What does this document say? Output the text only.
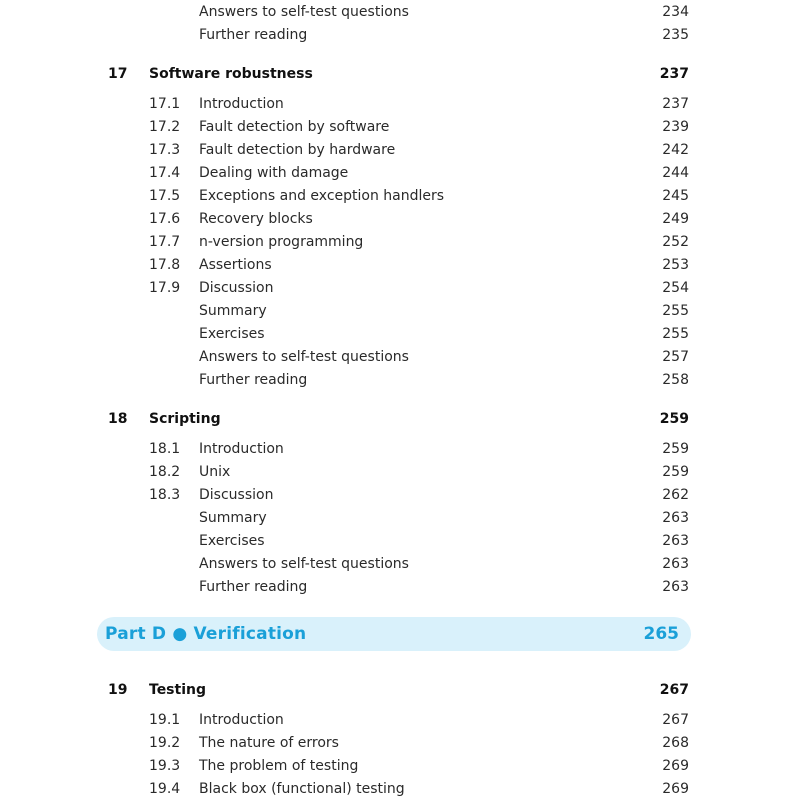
Answers to self-test questions	234
Further reading	235
17 Software robustness	237
17.1 Introduction	237
17.2 Fault detection by software	239
17.3 Fault detection by hardware	242
17.4 Dealing with damage	244
17.5 Exceptions and exception handlers	245
17.6 Recovery blocks	249
17.7 n-version programming	252
17.8 Assertions	253
17.9 Discussion	254
Summary	255
Exercises	255
Answers to self-test questions	257
Further reading	258
18 Scripting	259
18.1 Introduction	259
18.2 Unix	259
18.3 Discussion	262
Summary	263
Exercises	263
Answers to self-test questions	263
Further reading	263
Part D ● Verification	265
19 Testing	267
19.1 Introduction	267
19.2 The nature of errors	268
19.3 The problem of testing	269
19.4 Black box (functional) testing	269
